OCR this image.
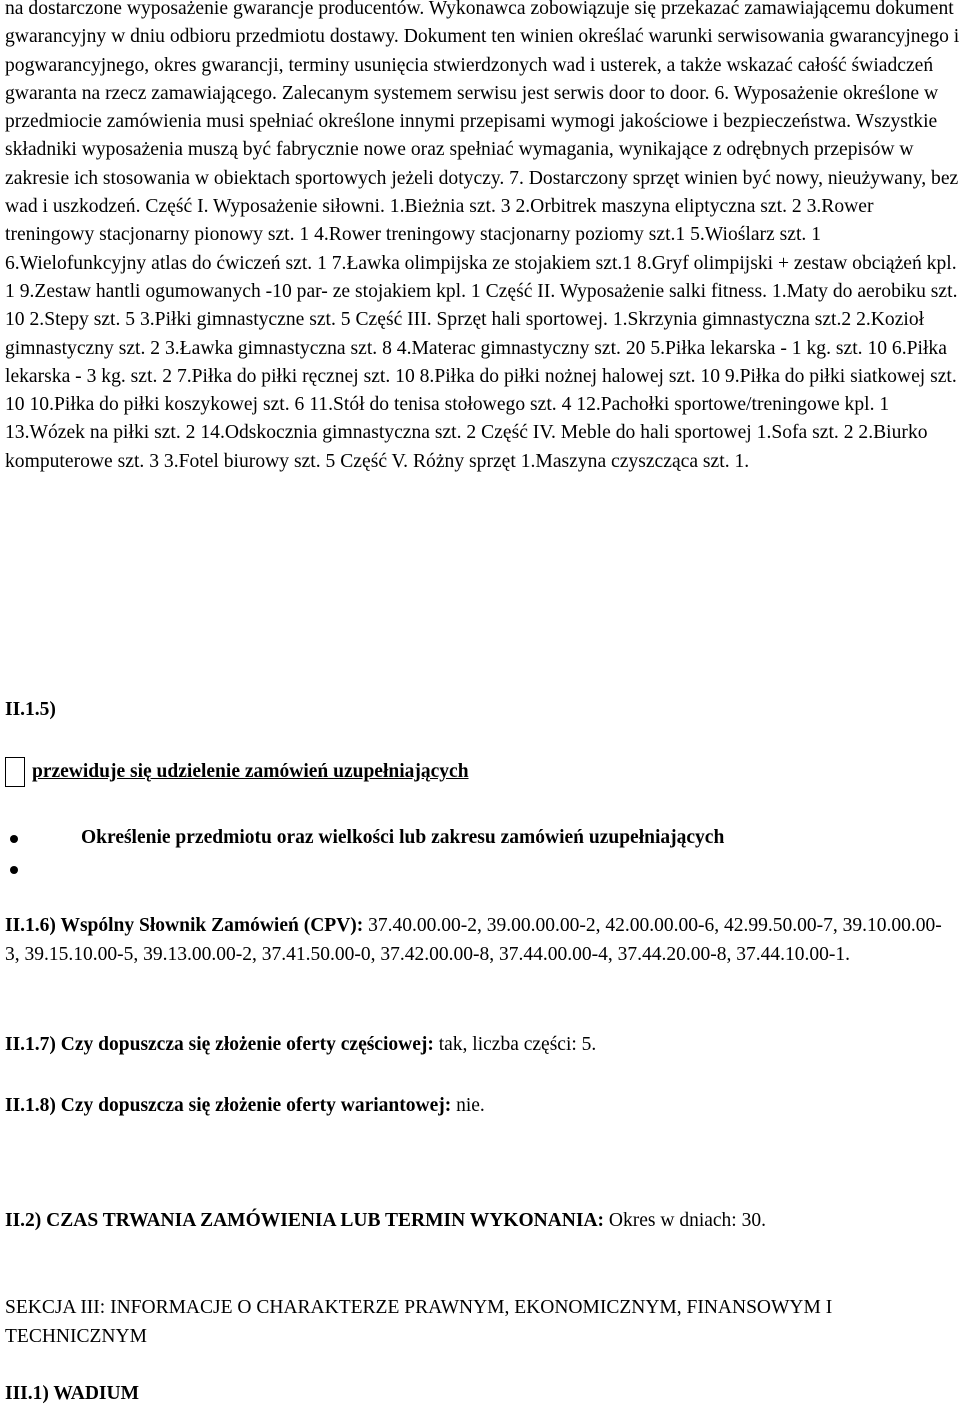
na dostarczone wyposażenie gwarancje producentów. Wykonawca zobowiązuje się przekazać zamawiającemu dokument gwarancyjny w dniu odbioru przedmiotu dostawy. Dokument ten winien określać warunki serwisowania gwarancyjnego i pogwarancyjnego, okres gwarancji, terminy usunięcia stwierdzonych wad i usterek, a także wskazać całość świadczeń gwaranta na rzecz zamawiającego. Zalecanym systemem serwisu jest serwis door to door. 6. Wyposażenie określone w przedmiocie zamówienia musi spełniać określone innymi przepisami wymogi jakościowe i bezpieczeństwa. Wszystkie składniki wyposażenia muszą być fabrycznie nowe oraz spełniać wymagania, wynikające z odrębnych przepisów w zakresie ich stosowania w obiektach sportowych jeżeli dotyczy. 7. Dostarczony sprzęt winien być nowy, nieużywany, bez wad i uszkodzeń. Część I. Wyposażenie siłowni. 1.Bieżnia szt. 3 2.Orbitrek maszyna eliptyczna szt. 2 3.Rower treningowy stacjonarny pionowy szt. 1 4.Rower treningowy stacjonarny poziomy szt.1 5.Wioślarz szt. 1 6.Wielofunkcyjny atlas do ćwiczeń szt. 1 7.Ławka olimpijska ze stojakiem szt.1 8.Gryf olimpijski + zestaw obciążeń kpl. 1 9.Zestaw hantli ogumowanych -10 par- ze stojakiem kpl. 1 Część II. Wyposażenie salki fitness. 1.Maty do aerobiku szt. 10 2.Stepy szt. 5 3.Piłki gimnastyczne szt. 5 Część III. Sprzęt hali sportowej. 1.Skrzynia gimnastyczna szt.2 2.Kozioł gimnastyczny szt. 2 3.Ławka gimnastyczna szt. 8 4.Materac gimnastyczny szt. 20 5.Piłka lekarska - 1 kg. szt. 10 6.Piłka lekarska - 3 kg. szt. 2 7.Piłka do piłki ręcznej szt. 10 8.Piłka do piłki nożnej halowej szt. 10 9.Piłka do piłki siatkowej szt. 10 10.Piłka do piłki koszykowej szt. 6 11.Stół do tenisa stołowego szt. 4 12.Pachołki sportowe/treningowe kpl. 1 13.Wózek na piłki szt. 2 14.Odskocznia gimnastyczna szt. 2 Część IV. Meble do hali sportowej 1.Sofa szt. 2 2.Biurko komputerowe szt. 3 3.Fotel biurowy szt. 5 Część V. Różny sprzęt 1.Maszyna czyszcząca szt. 1.

II.1.5)
przewiduje się udzielenie zamówień uzupełniających
Określenie przedmiotu oraz wielkości lub zakresu zamówień uzupełniających
II.1.6) Wspólny Słownik Zamówień (CPV): 37.40.00.00-2, 39.00.00.00-2, 42.00.00.00-6, 42.99.50.00-7, 39.10.00.00-3, 39.15.10.00-5, 39.13.00.00-2, 37.41.50.00-0, 37.42.00.00-8, 37.44.00.00-4, 37.44.20.00-8, 37.44.10.00-1.
II.1.7) Czy dopuszcza się złożenie oferty częściowej: tak, liczba części: 5.
II.1.8) Czy dopuszcza się złożenie oferty wariantowej: nie.
II.2) CZAS TRWANIA ZAMÓWIENIA LUB TERMIN WYKONANIA: Okres w dniach: 30.
SEKCJA III: INFORMACJE O CHARAKTERZE PRAWNYM, EKONOMICZNYM, FINANSOWYM I TECHNICZNYM
III.1) WADIUM
